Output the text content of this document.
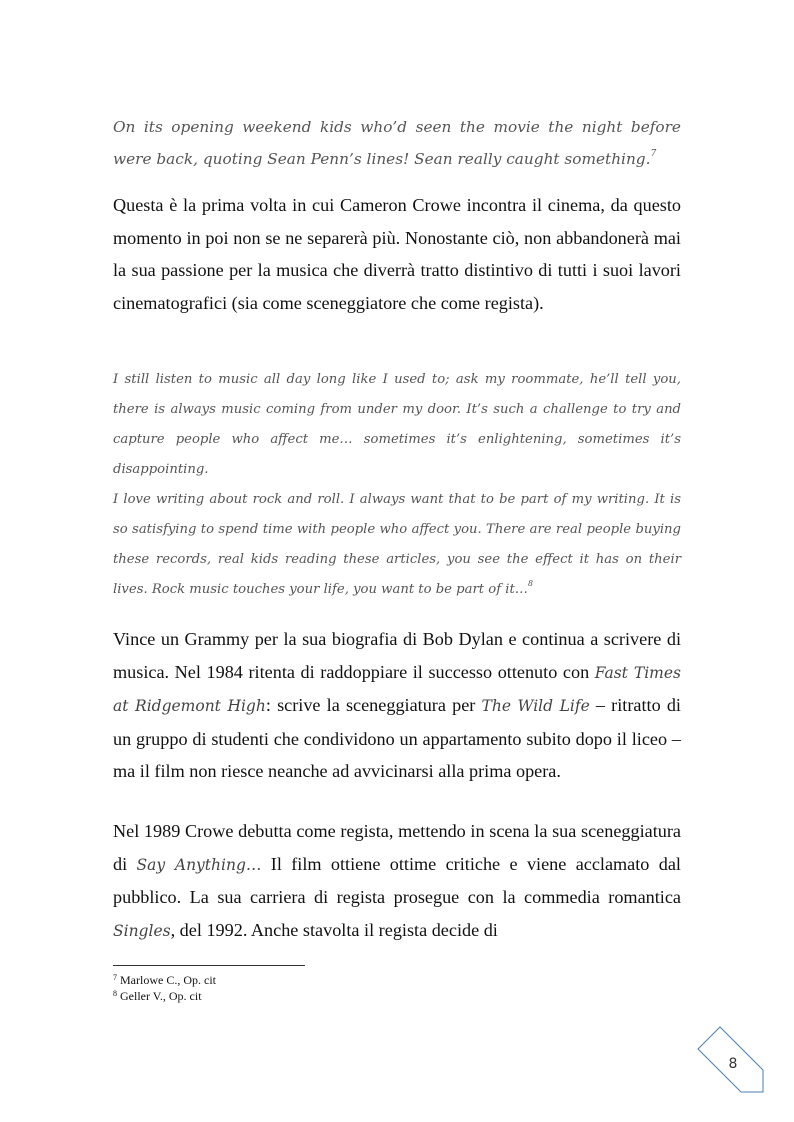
On its opening weekend kids who’d seen the movie the night before were back, quoting Sean Penn’s lines! Sean really caught something.$^7$

Questa è la prima volta in cui Cameron Crowe incontra il cinema, da questo momento in poi non se ne separerà più. Nonostante ciò, non abbandonerà mai la sua passione per la musica che diverrà tratto distintivo di tutti i suoi lavori cinematografici (sia come sceneggiatore che come regista).

I still listen to music all day long like I used to; ask my roommate, he’ll tell you, there is always music coming from under my door. It’s such a challenge to try and capture people who affect me… sometimes it’s enlightening, sometimes it’s disappointing.

I love writing about rock and roll. I always want that to be part of my writing. It is so satisfying to spend time with people who affect you. There are real people buying these records, real kids reading these articles, you see the effect it has on their lives. Rock music touches your life, you want to be part of it…$^8$

Vince un Grammy per la sua biografia di Bob Dylan e continua a scrivere di musica. Nel 1984 ritenta di raddoppiare il successo ottenuto con Fast Times at Ridgemont High: scrive la sceneggiatura per The Wild Life – ritratto di un gruppo di studenti che condividono un appartamento subito dopo il liceo – ma il film non riesce neanche ad avvicinarsi alla prima opera.

Nel 1989 Crowe debutta come regista, mettendo in scena la sua sceneggiatura di Say Anything… Il film ottiene ottime critiche e viene acclamato dal pubblico. La sua carriera di regista prosegue con la commedia romantica Singles, del 1992. Anche stavolta il regista decide di

$^7$ Marlowe C., Op. cit
$^8$ Geller V., Op. cit
8
